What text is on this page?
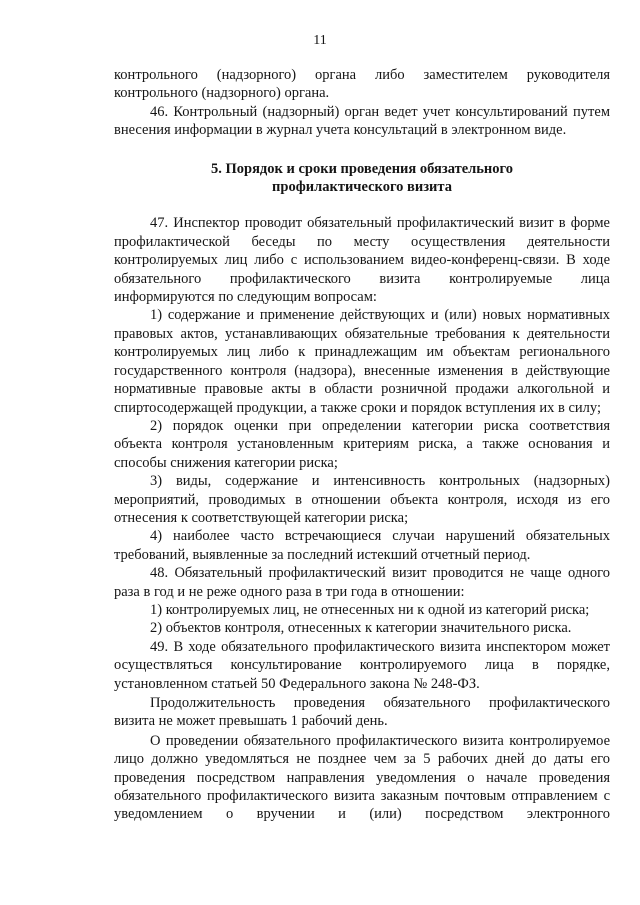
11

контрольного (надзорного) органа либо заместителем руководителя контрольного (надзорного) органа.

46. Контрольный (надзорный) орган ведет учет консультирований путем внесения информации в журнал учета консультаций в электронном виде.

5. Порядок и сроки проведения обязательного
профилактического визита

47. Инспектор проводит обязательный профилактический визит в форме профилактической беседы по месту осуществления деятельности контролируемых лиц либо с использованием видео-конференц-связи. В ходе обязательного профилактического визита контролируемые лица информируются по следующим вопросам:

1) содержание и применение действующих и (или) новых нормативных правовых актов, устанавливающих обязательные требования к деятельности контролируемых лиц либо к принадлежащим им объектам регионального государственного контроля (надзора), внесенные изменения в действующие нормативные правовые акты в области розничной продажи алкогольной и спиртосодержащей продукции, а также сроки и порядок вступления их в силу;

2) порядок оценки при определении категории риска соответствия объекта контроля установленным критериям риска, а также основания и способы снижения категории риска;

3) виды, содержание и интенсивность контрольных (надзорных) мероприятий, проводимых в отношении объекта контроля, исходя из его отнесения к соответствующей категории риска;

4) наиболее часто встречающиеся случаи нарушений обязательных требований, выявленные за последний истекший отчетный период.

48. Обязательный профилактический визит проводится не чаще одного раза в год и не реже одного раза в три года в отношении:

1) контролируемых лиц, не отнесенных ни к одной из категорий риска;

2) объектов контроля, отнесенных к категории значительного риска.

49. В ходе обязательного профилактического визита инспектором может осуществляться консультирование контролируемого лица в порядке, установленном статьей 50 Федерального закона № 248-ФЗ.

Продолжительность проведения обязательного профилактического визита не может превышать 1 рабочий день.

О проведении обязательного профилактического визита контролируемое лицо должно уведомляться не позднее чем за 5 рабочих дней до даты его проведения посредством направления уведомления о начале проведения обязательного профилактического визита заказным почтовым отправлением с уведомлением о вручении и (или) посредством электронного
